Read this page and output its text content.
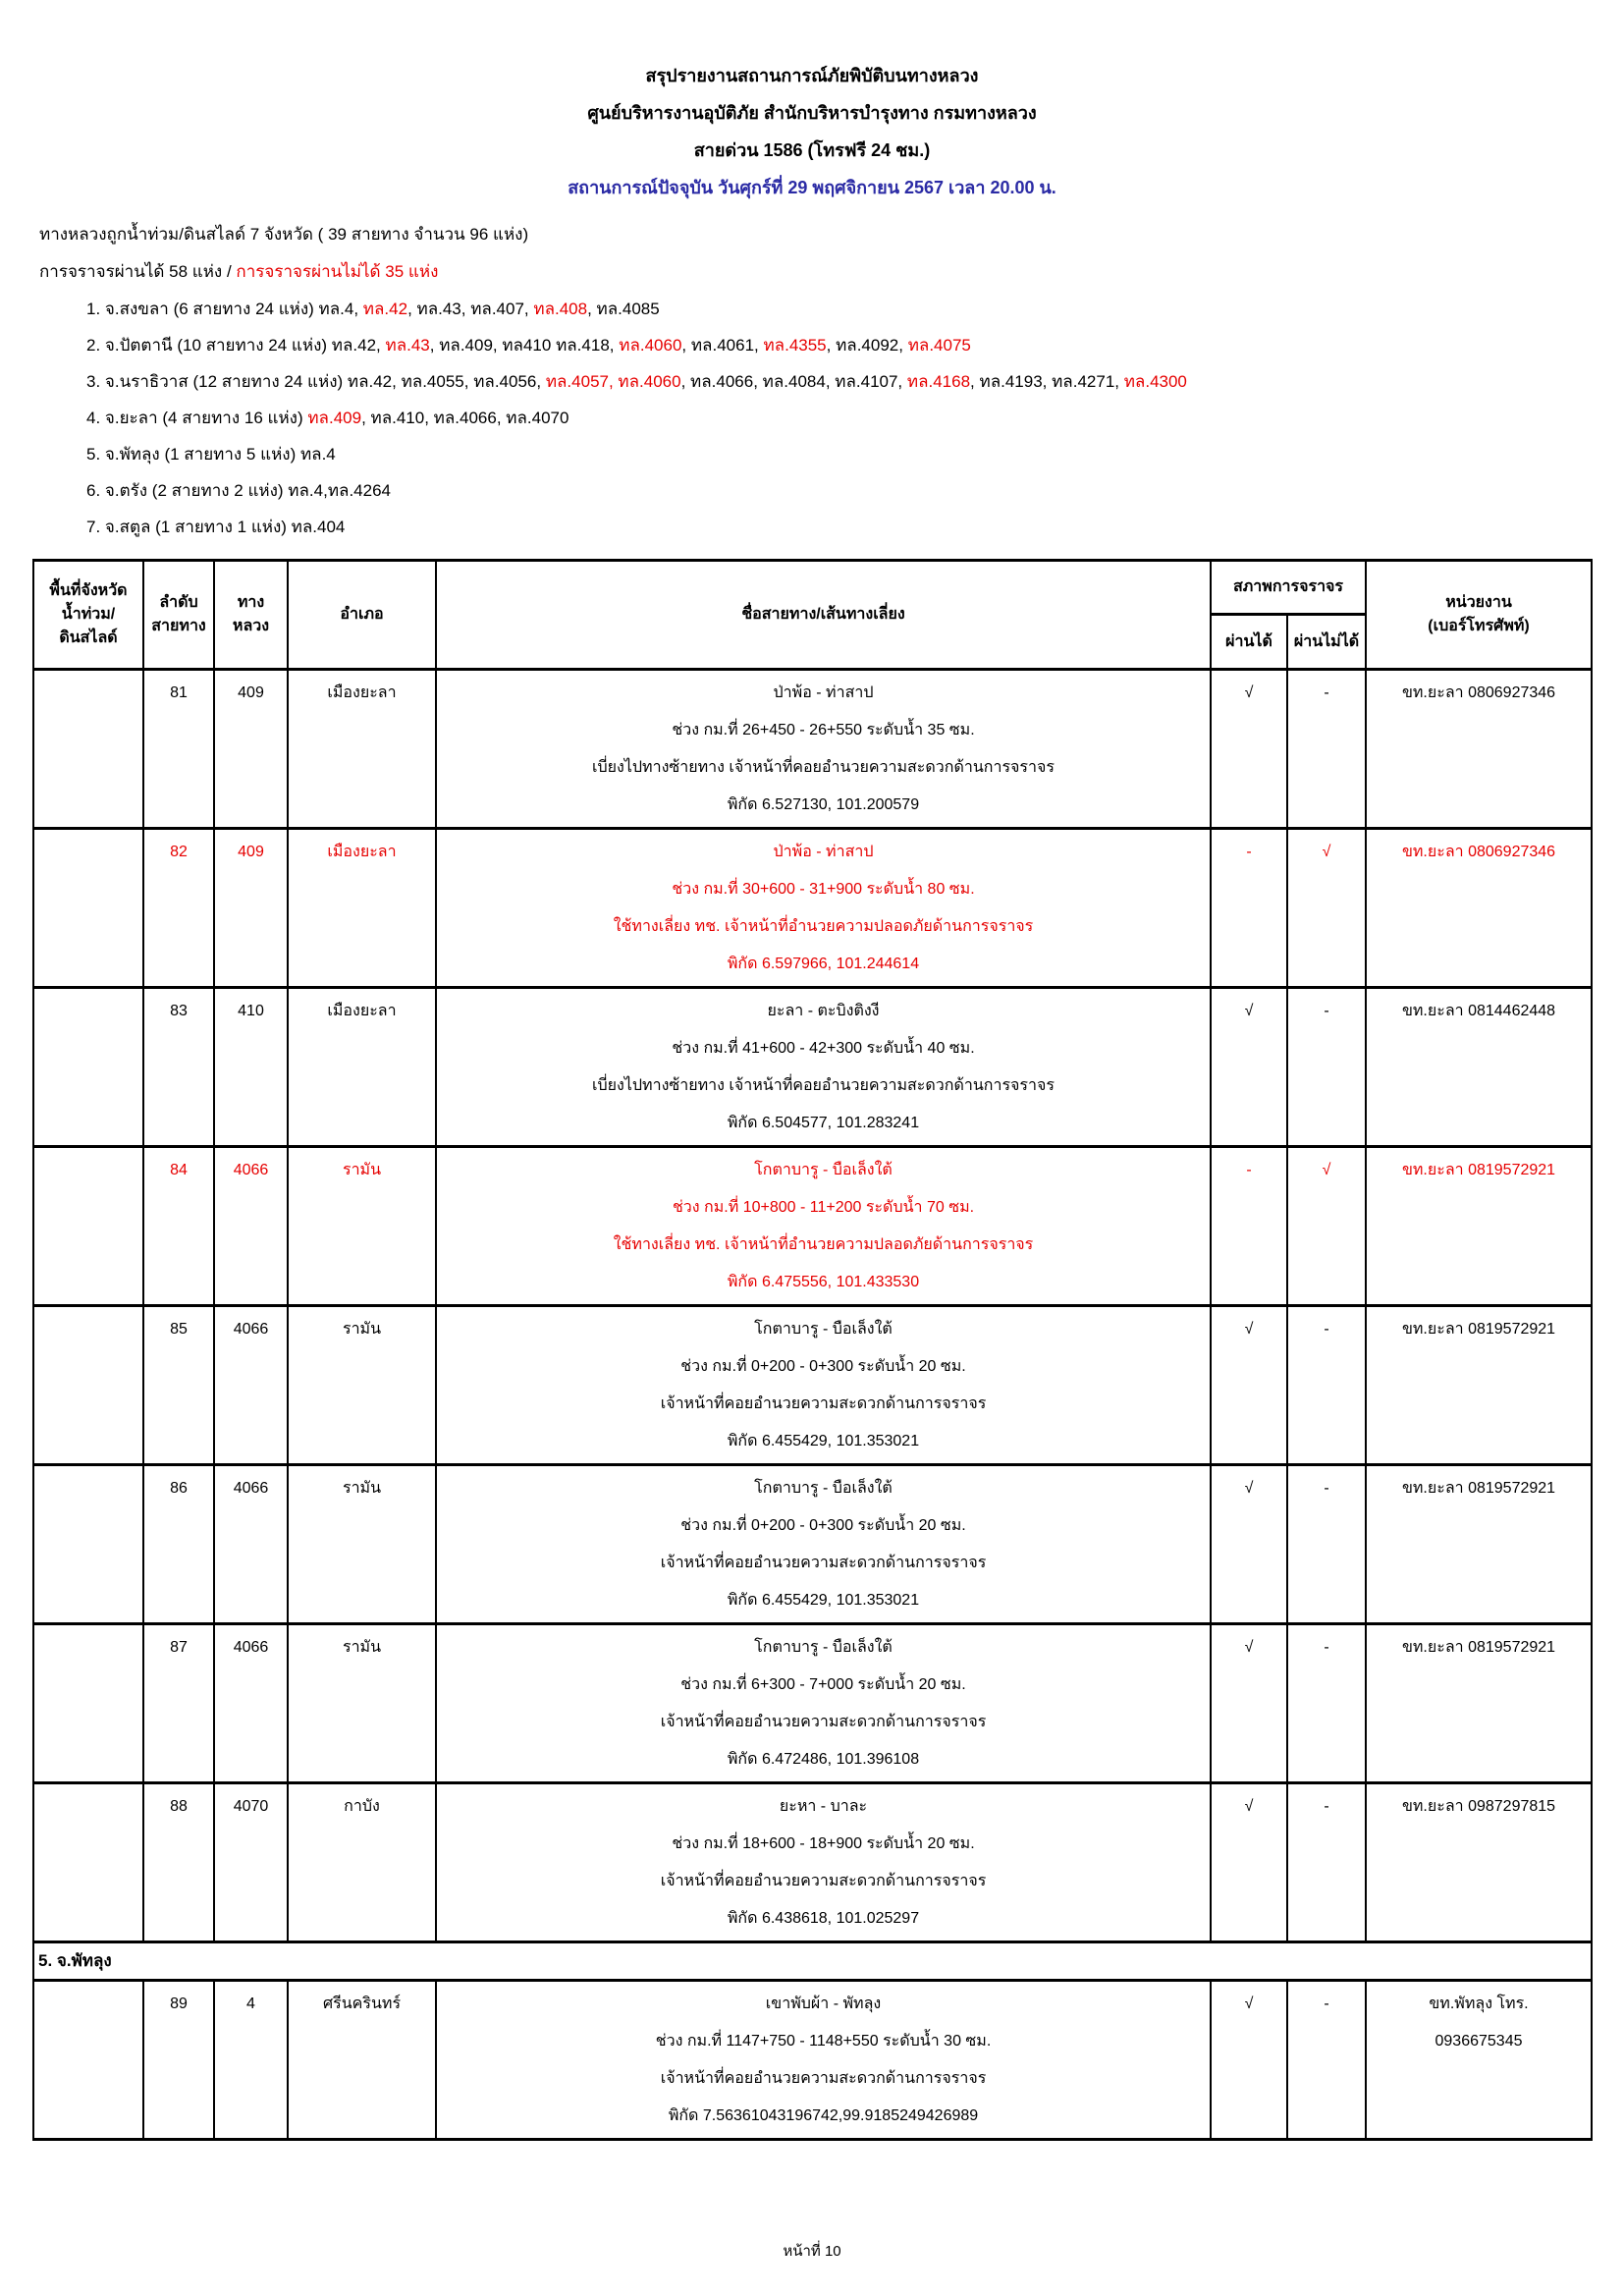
สรุปรายงานสถานการณ์ภัยพิบัติบนทางหลวง
ศูนย์บริหารงานอุบัติภัย สำนักบริหารบำรุงทาง กรมทางหลวง
สายด่วน 1586 (โทรฟรี 24 ชม.)
สถานการณ์ปัจจุบัน วันศุกร์ที่ 29 พฤศจิกายน 2567 เวลา 20.00 น.
ทางหลวงถูกน้ำท่วม/ดินสไลด์ 7 จังหวัด ( 39 สายทาง จำนวน 96 แห่ง)
การจราจรผ่านได้ 58 แห่ง / การจราจรผ่านไม่ได้ 35 แห่ง
1. จ.สงขลา (6 สายทาง 24 แห่ง) ทล.4, ทล.42, ทล.43, ทล.407, ทล.408, ทล.4085
2. จ.ปัตตานี (10 สายทาง 24 แห่ง) ทล.42, ทล.43, ทล.409, ทล410 ทล.418, ทล.4060, ทล.4061, ทล.4355, ทล.4092, ทล.4075
3. จ.นราธิวาส (12 สายทาง 24 แห่ง) ทล.42, ทล.4055, ทล.4056, ทล.4057, ทล.4060, ทล.4066, ทล.4084, ทล.4107, ทล.4168, ทล.4193, ทล.4271, ทล.4300
4. จ.ยะลา (4 สายทาง 16 แห่ง) ทล.409, ทล.410, ทล.4066, ทล.4070
5. จ.พัทลุง (1 สายทาง 5 แห่ง) ทล.4
6. จ.ตรัง (2 สายทาง 2 แห่ง) ทล.4,ทล.4264
7. จ.สตูล (1 สายทาง 1 แห่ง) ทล.404
พื้นที่จังหวัด
น้ำท่วม/
ดินสไลด์

ลำดับ
สายทาง

ทาง
หลวง
	อำเภอ	ชื่อสายทาง/เส้นทางเลี่ยง	สภาพการจราจร	
หน่วยงาน
(เบอร์โทรศัพท์)

					ผ่านได้	ผ่านไม่ได้	
	81	409	เมืองยะลา	ป่าพ้อ - ท่าสาป
ช่วง กม.ที่ 26+450 - 26+550 ระดับน้ำ 35 ซม.
เบี่ยงไปทางซ้ายทาง เจ้าหน้าที่คอยอำนวยความสะดวกด้านการจราจร
พิกัด 6.527130, 101.200579	√	-	ขท.ยะลา 0806927346

	82	409	เมืองยะลา	ป่าพ้อ - ท่าสาป
ช่วง กม.ที่ 30+600 - 31+900 ระดับน้ำ 80 ซม.
ใช้ทางเลี่ยง ทช. เจ้าหน้าที่อำนวยความปลอดภัยด้านการจราจร
พิกัด 6.597966, 101.244614	-	√	ขท.ยะลา 0806927346

	83	410	เมืองยะลา	ยะลา - ตะบิงติงงี
ช่วง กม.ที่ 41+600 - 42+300 ระดับน้ำ 40 ซม.
เบี่ยงไปทางซ้ายทาง เจ้าหน้าที่คอยอำนวยความสะดวกด้านการจราจร
พิกัด 6.504577, 101.283241	√	-	ขท.ยะลา 0814462448

	84	4066	รามัน	โกตาบารู - บือเล็งใต้
ช่วง กม.ที่ 10+800 - 11+200 ระดับน้ำ 70 ซม.
ใช้ทางเลี่ยง ทช. เจ้าหน้าที่อำนวยความปลอดภัยด้านการจราจร
พิกัด 6.475556, 101.433530	-	√	ขท.ยะลา 0819572921

	85	4066	รามัน	โกตาบารู - บือเล็งใต้
ช่วง กม.ที่ 0+200 - 0+300 ระดับน้ำ 20 ซม.
เจ้าหน้าที่คอยอำนวยความสะดวกด้านการจราจร
พิกัด 6.455429, 101.353021	√	-	ขท.ยะลา 0819572921

	86	4066	รามัน	โกตาบารู - บือเล็งใต้
ช่วง กม.ที่ 0+200 - 0+300 ระดับน้ำ 20 ซม.
เจ้าหน้าที่คอยอำนวยความสะดวกด้านการจราจร
พิกัด 6.455429, 101.353021	√	-	ขท.ยะลา 0819572921

	87	4066	รามัน	โกตาบารู - บือเล็งใต้
ช่วง กม.ที่ 6+300 - 7+000 ระดับน้ำ 20 ซม.
เจ้าหน้าที่คอยอำนวยความสะดวกด้านการจราจร
พิกัด 6.472486, 101.396108	√	-	ขท.ยะลา 0819572921

	88	4070	กาบัง	ยะหา - บาละ
ช่วง กม.ที่ 18+600 - 18+900 ระดับน้ำ 20 ซม.
เจ้าหน้าที่คอยอำนวยความสะดวกด้านการจราจร
พิกัด 6.438618, 101.025297	√	-	ขท.ยะลา 0987297815

5. จ.พัทลุง							
	89	4	ศรีนครินทร์	เขาพับผ้า - พัทลุง
ช่วง กม.ที่ 1147+750 - 1148+550 ระดับน้ำ 30 ซม.
เจ้าหน้าที่คอยอำนวยความสะดวกด้านการจราจร
พิกัด 7.56361043196742,99.9185249426989
	√	-	ขท.พัทลุง โทร.
0936675345
หน้าที่ 10
